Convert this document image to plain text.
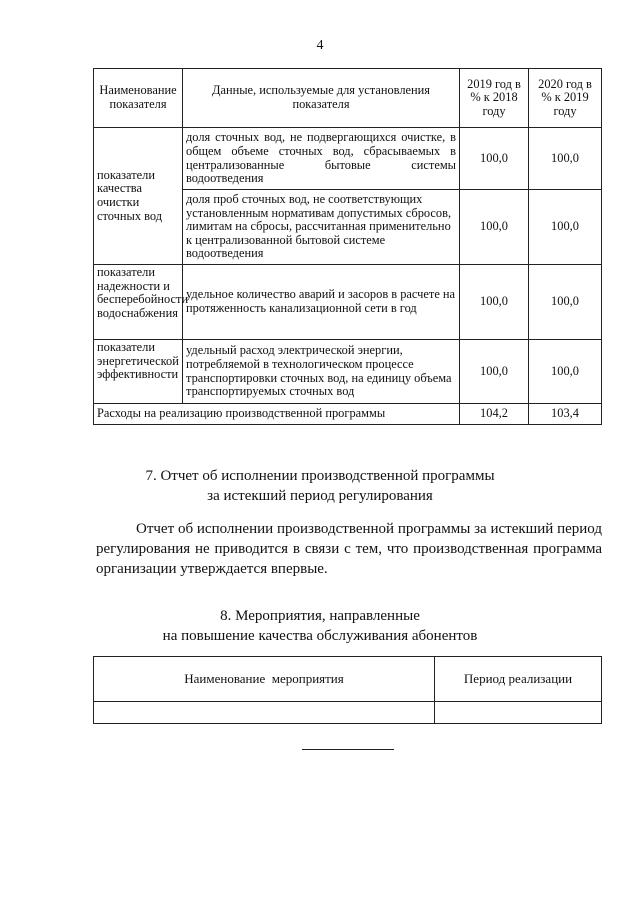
4
Наименование показателя	Данные, используемые для установления показателя	2019 год в % к 2018 году	2020 год в % к 2019 году
показатели качества очистки сточных вод	доля сточных вод, не подвергающихся очистке, в общем объеме сточных вод, сбрасываемых в централизованные бытовые системы водоотведения	100,0	100,0
	доля проб сточных вод, не соответствующих установленным нормативам допустимых сбросов, лимитам на сбросы, рассчитанная применительно к централизованной бытовой системе водоотведения	100,0	100,0
показатели надежности и бесперебойности водоснабжения	удельное количество аварий и засоров в расчете на протяженность канализационной сети в год	100,0	100,0
показатели энергетической эффективности	удельный расход электрической энергии, потребляемой в технологическом процессе транспортировки сточных вод, на единицу объема транспортируемых сточных вод	100,0	100,0
Расходы на реализацию производственной программы		104,2	103,4
7. Отчет об исполнении производственной программы
за истекший период регулирования
Отчет об исполнении производственной программы за истекший период регулирования не приводится в связи с тем, что производственная программа организации утверждается впервые.
8. Мероприятия, направленные
на повышение качества обслуживания абонентов
Наименование  мероприятия	Период реализации
